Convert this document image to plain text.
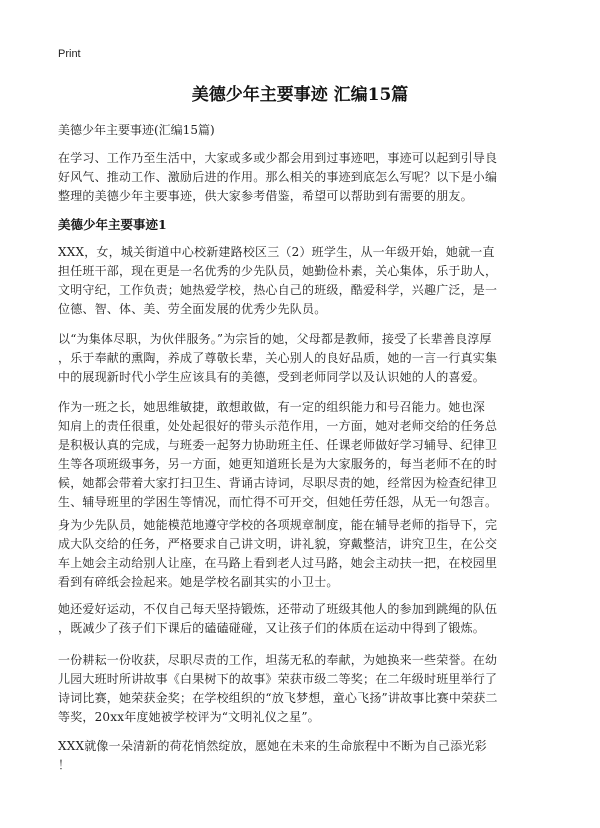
Print
美德少年主要事迹 汇编15篇
美德少年主要事迹(汇编15篇)

在学习、工作乃至生活中，大家或多或少都会用到过事迹吧，事迹可以起到引导良
好风气、推动工作、激励后进的作用。那么相关的事迹到底怎么写呢？以下是小编
整理的美德少年主要事迹，供大家参考借鉴，希望可以帮助到有需要的朋友。

美德少年主要事迹1

XXX，女，城关街道中心校新建路校区三（2）班学生，从一年级开始，她就一直
担任班干部，现在更是一名优秀的少先队员，她勤俭朴素，关心集体，乐于助人，
文明守纪，工作负责；她热爱学校，热心自己的班级，酷爱科学，兴趣广泛，是一
位德、智、体、美、劳全面发展的优秀少先队员。

以“为集体尽职，为伙伴服务。”为宗旨的她，父母都是教师，接受了长辈善良淳厚
，乐于奉献的熏陶，养成了尊敬长辈，关心别人的良好品质，她的一言一行真实集
中的展现新时代小学生应该具有的美德，受到老师同学以及认识她的人的喜爱。

作为一班之长，她思维敏捷，敢想敢做，有一定的组织能力和号召能力。她也深
知肩上的责任很重，处处起很好的带头示范作用，一方面，她对老师交给的任务总
是积极认真的完成，与班委一起努力协助班主任、任课老师做好学习辅导、纪律卫
生等各项班级事务，另一方面，她更知道班长是为大家服务的，每当老师不在的时
候，她都会带着大家打扫卫生、背诵古诗词，尽职尽责的她，经常因为检查纪律卫
生、辅导班里的学困生等情况，而忙得不可开交，但她任劳任怨，从无一句怨言。

身为少先队员，她能模范地遵守学校的各项规章制度，能在辅导老师的指导下，完
成大队交给的任务，严格要求自己讲文明，讲礼貌，穿戴整洁，讲究卫生，在公交
车上她会主动给别人让座，在马路上看到老人过马路，她会主动扶一把，在校园里
看到有碎纸会捡起来。她是学校名副其实的小卫士。

她还爱好运动，不仅自己每天坚持锻炼，还带动了班级其他人的参加到跳绳的队伍
，既减少了孩子们下课后的磕磕碰碰，又让孩子们的体质在运动中得到了锻炼。

一份耕耘一份收获，尽职尽责的工作，坦荡无私的奉献，为她换来一些荣誉。在幼
儿园大班时所讲故事《白果树下的故事》荣获市级二等奖；在二年级时班里举行了
诗词比赛，她荣获金奖；在学校组织的“放飞梦想，童心飞扬”讲故事比赛中荣获二
等奖，20xx年度她被学校评为“文明礼仪之星”。

XXX就像一朵清新的荷花悄然绽放，愿她在未来的生命旅程中不断为自己添光彩
！
